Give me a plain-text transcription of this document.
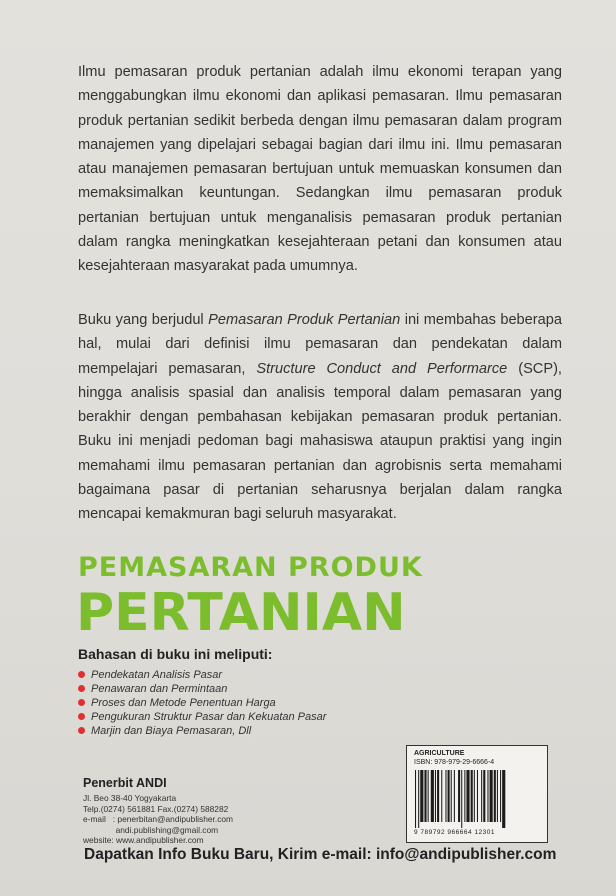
Ilmu pemasaran produk pertanian adalah ilmu ekonomi terapan yang menggabungkan ilmu ekonomi dan aplikasi pemasaran. Ilmu pemasaran produk pertanian sedikit berbeda dengan ilmu pemasaran dalam program manajemen yang dipelajari sebagai bagian dari ilmu ini. Ilmu pemasaran atau manajemen pemasaran bertujuan untuk memuaskan konsumen dan memaksimalkan keuntungan. Sedangkan ilmu pemasaran produk pertanian bertujuan untuk menganalisis pemasaran produk pertanian dalam rangka meningkatkan kesejahteraan petani dan konsumen atau kesejahteraan masyarakat pada umumnya.
Buku yang berjudul Pemasaran Produk Pertanian ini membahas beberapa hal, mulai dari definisi ilmu pemasaran dan pendekatan dalam mempelajari pemasaran, Structure Conduct and Performarce (SCP), hingga analisis spasial dan analisis temporal dalam pemasaran yang berakhir dengan pembahasan kebijakan pemasaran produk pertanian. Buku ini menjadi pedoman bagi mahasiswa ataupun praktisi yang ingin memahami ilmu pemasaran pertanian dan agrobisnis serta memahami bagaimana pasar di pertanian seharusnya berjalan dalam rangka mencapai kemakmuran bagi seluruh masyarakat.
PEMASARAN PRODUK
PERTANIAN
Bahasan di buku ini meliputi:
Pendekatan Analisis Pasar
Penawaran dan Permintaan
Proses dan Metode Penentuan Harga
Pengukuran Struktur Pasar dan Kekuatan Pasar
Marjin dan Biaya Pemasaran, Dll
Penerbit ANDI
Jl. Beo 38-40 Yogyakarta
Telp.(0274) 561881 Fax.(0274) 588282
e-mail   : penerbitan@andipublisher.com
andi.publishing@gmail.com
website: www.andipublisher.com
AGRICULTURE
ISBN: 978-979-29-6666-4
9 789792 966664 12301
Dapatkan Info Buku Baru, Kirim e-mail: info@andipublisher.com
